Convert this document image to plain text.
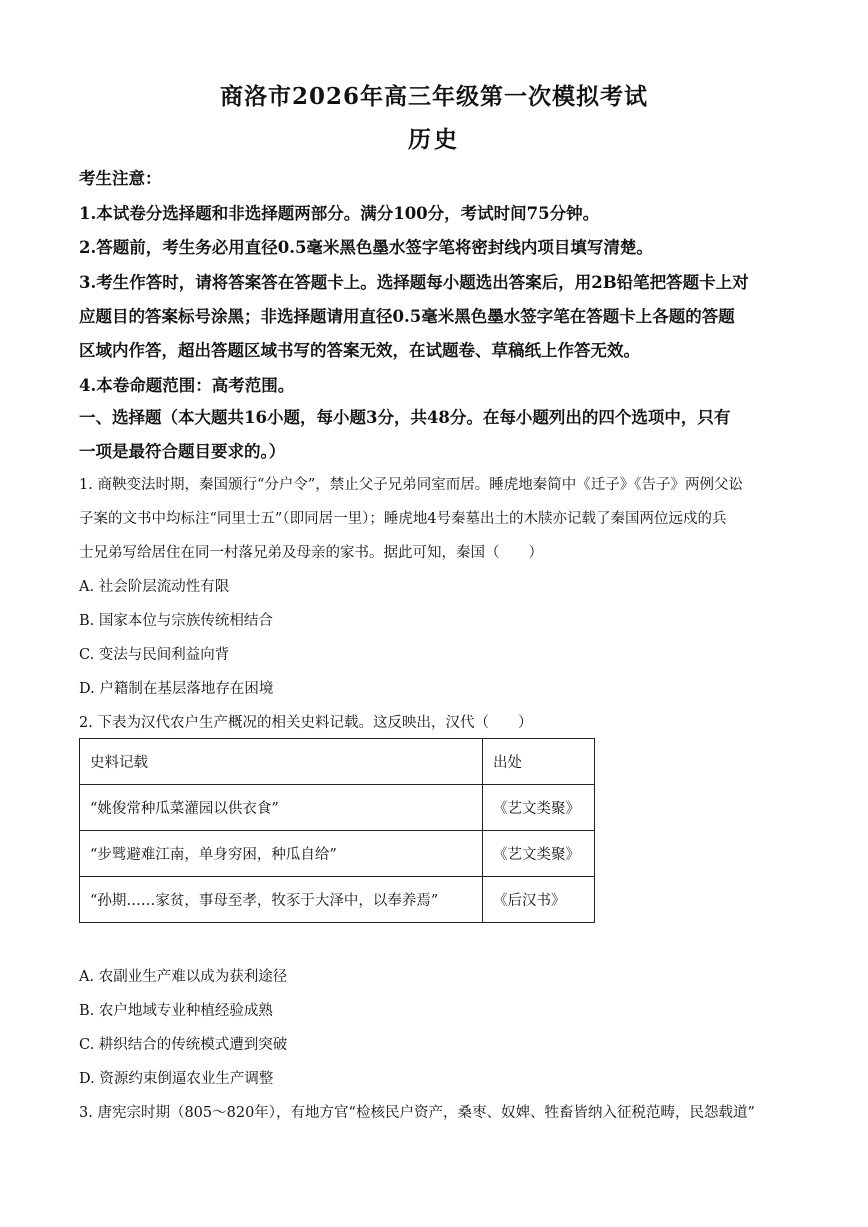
商洛市2026年高三年级第一次模拟考试
历史
考生注意：
1.本试卷分选择题和非选择题两部分。满分100分，考试时间75分钟。
2.答题前，考生务必用直径0.5毫米黑色墨水签字笔将密封线内项目填写清楚。
3.考生作答时，请将答案答在答题卡上。选择题每小题选出答案后，用2B铅笔把答题卡上对
应题目的答案标号涂黑；非选择题请用直径0.5毫米黑色墨水签字笔在答题卡上各题的答题
区域内作答，超出答题区域书写的答案无效，在试题卷、草稿纸上作答无效。
4.本卷命题范围：高考范围。
一、选择题（本大题共16小题，每小题3分，共48分。在每小题列出的四个选项中，只有
一项是最符合题目要求的。）
1. 商鞅变法时期，秦国颁行“分户令”，禁止父子兄弟同室而居。睡虎地秦简中《迁子》《告子》两例父讼
子案的文书中均标注“同里士五”（即同居一里）；睡虎地4号秦墓出土的木牍亦记载了秦国两位远戍的兵
士兄弟写给居住在同一村落兄弟及母亲的家书。据此可知，秦国（　　）
A. 社会阶层流动性有限
B. 国家本位与宗族传统相结合
C. 变法与民间利益向背
D. 户籍制在基层落地存在困境
2. 下表为汉代农户生产概况的相关史料记载。这反映出，汉代（　　）
史料记载	出处
“姚俊常种瓜菜灌园以供衣食”	《艺文类聚》
“步骘避难江南，单身穷困，种瓜自给”	《艺文类聚》
“孙期……家贫，事母至孝，牧豕于大泽中，以奉养焉”	《后汉书》
A. 农副业生产难以成为获利途径
B. 农户地域专业种植经验成熟
C. 耕织结合的传统模式遭到突破
D. 资源约束倒逼农业生产调整
3. 唐宪宗时期（805～820年），有地方官“检核民户资产，桑枣、奴婢、牲畜皆纳入征税范畴，民怨载道”
